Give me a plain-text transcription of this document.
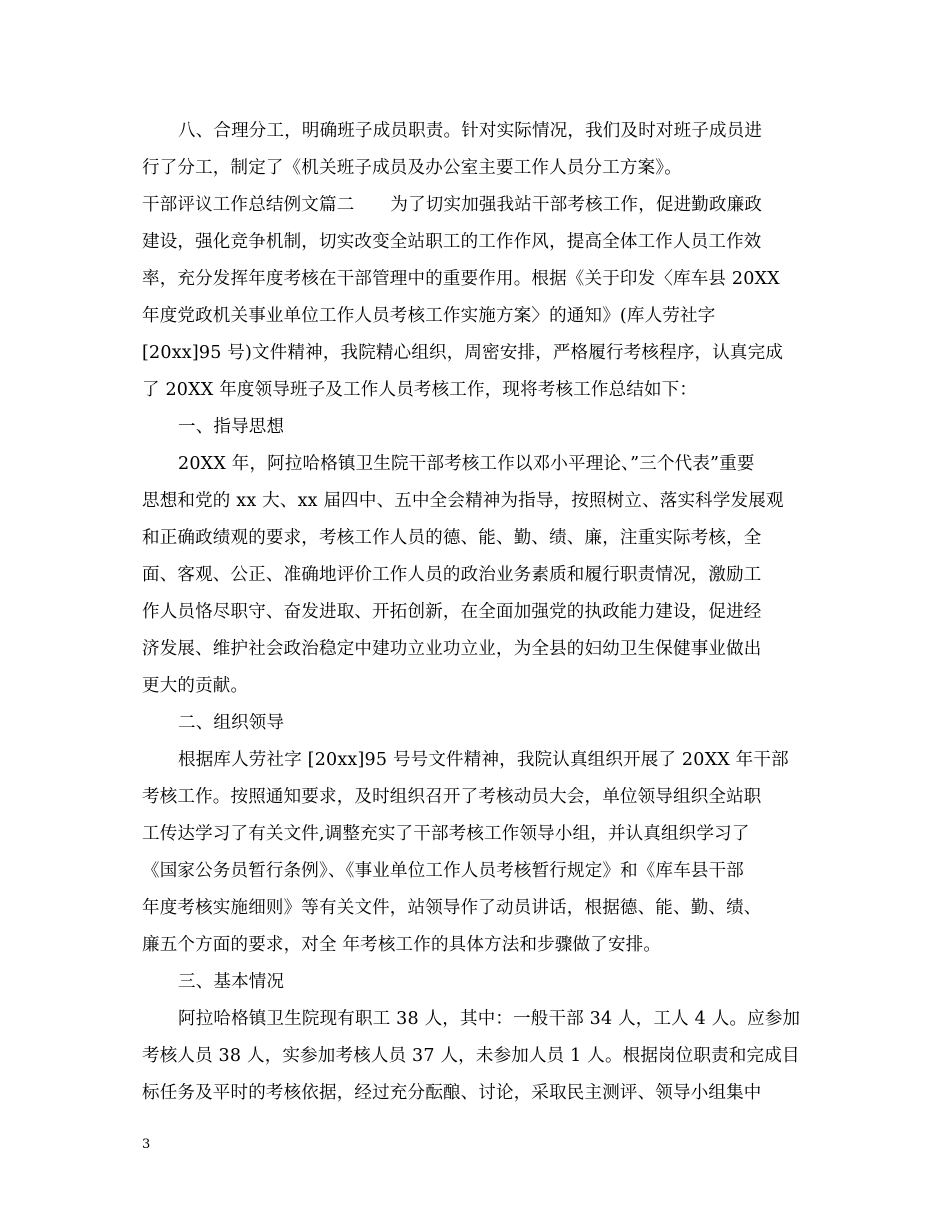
八、合理分工，明确班子成员职责。针对实际情况，我们及时对班子成员进
行了分工，制定了《机关班子成员及办公室主要工作人员分工方案》。
干部评议工作总结例文篇二 为了切实加强我站干部考核工作，促进勤政廉政
建设，强化竞争机制，切实改变全站职工的工作作风，提高全体工作人员工作效
率，充分发挥年度考核在干部管理中的重要作用。根据《关于印发〈库车县 20XX
年度党政机关事业单位工作人员考核工作实施方案〉的通知》(库人劳社字
[20xx]95 号)文件精神，我院精心组织，周密安排，严格履行考核程序，认真完成
了 20XX 年度领导班子及工作人员考核工作，现将考核工作总结如下：
一、指导思想
20XX 年，阿拉哈格镇卫生院干部考核工作以邓小平理论、”三个代表”重要
思想和党的 xx 大、xx 届四中、五中全会精神为指导，按照树立、落实科学发展观
和正确政绩观的要求，考核工作人员的德、能、勤、绩、廉，注重实际考核，全
面、客观、公正、准确地评价工作人员的政治业务素质和履行职责情况，激励工
作人员恪尽职守、奋发进取、开拓创新，在全面加强党的执政能力建设，促进经
济发展、维护社会政治稳定中建功立业功立业，为全县的妇幼卫生保健事业做出
更大的贡献。
二、组织领导
根据库人劳社字 [20xx]95 号号文件精神，我院认真组织开展了 20XX 年干部
考核工作。按照通知要求，及时组织召开了考核动员大会，单位领导组织全站职
工传达学习了有关文件,调整充实了干部考核工作领导小组，并认真组织学习了
《国家公务员暂行条例》、《事业单位工作人员考核暂行规定》和《库车县干部
年度考核实施细则》等有关文件，站领导作了动员讲话，根据德、能、勤、绩、
廉五个方面的要求，对全 年考核工作的具体方法和步骤做了安排。
三、基本情况
阿拉哈格镇卫生院现有职工 38 人，其中：一般干部 34 人，工人 4 人。应参加
考核人员 38 人，实参加考核人员 37 人，未参加人员 1 人。根据岗位职责和完成目
标任务及平时的考核依据，经过充分酝酿、讨论，采取民主测评、领导小组集中
3
